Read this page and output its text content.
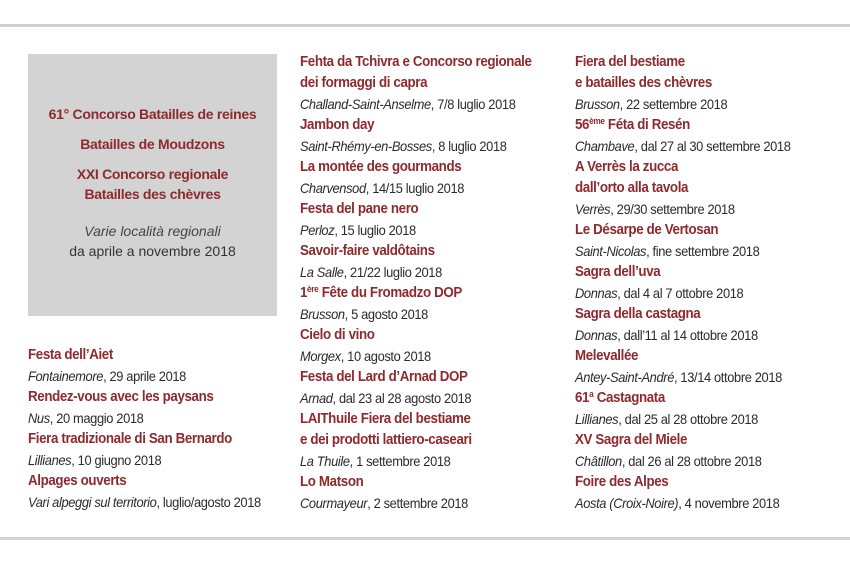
61° Concorso Batailles de reines
Batailles de Moudzons
XXI Concorso regionale
Batailles des chèvres
Varie località regionali
da aprile a novembre 2018
Festa dell’Aiet
Fontainemore, 29 aprile 2018
Rendez-vous avec les paysans
Nus, 20 maggio 2018
Fiera tradizionale di San Bernardo
Lillianes, 10 giugno 2018
Alpages ouverts
Vari alpeggi sul territorio, luglio/agosto 2018
Fehta da Tchivra e Concorso regionale
dei formaggi di capra
Challand-Saint-Anselme, 7/8 luglio 2018
Jambon day
Saint-Rhémy-en-Bosses, 8 luglio 2018
La montée des gourmands
Charvensod, 14/15 luglio 2018
Festa del pane nero
Perloz, 15 luglio 2018
Savoir-faire valdôtains
La Salle, 21/22 luglio 2018
1ère Fête du Fromadzo DOP
Brusson, 5 agosto 2018
Cielo di vino
Morgex, 10 agosto 2018
Festa del Lard d’Arnad DOP
Arnad, dal 23 al 28 agosto 2018
LAIThuile Fiera del bestiame
e dei prodotti lattiero-caseari
La Thuile, 1 settembre 2018
Lo Matson
Courmayeur, 2 settembre 2018
Fiera del bestiame
e batailles des chèvres
Brusson, 22 settembre 2018
56ème Féta di Resén
Chambave, dal 27 al 30 settembre 2018
A Verrès la zucca
dall’orto alla tavola
Verrès, 29/30 settembre 2018
Le Désarpe de Vertosan
Saint-Nicolas, fine settembre 2018
Sagra dell’uva
Donnas, dal 4 al 7 ottobre 2018
Sagra della castagna
Donnas, dall’11 al 14 ottobre 2018
Melevallée
Antey-Saint-André, 13/14 ottobre 2018
61$^a$ Castagnata
Lillianes, dal 25 al 28 ottobre 2018
XV Sagra del Miele
Châtillon, dal 26 al 28 ottobre 2018
Foire des Alpes
Aosta (Croix-Noire), 4 novembre 2018
